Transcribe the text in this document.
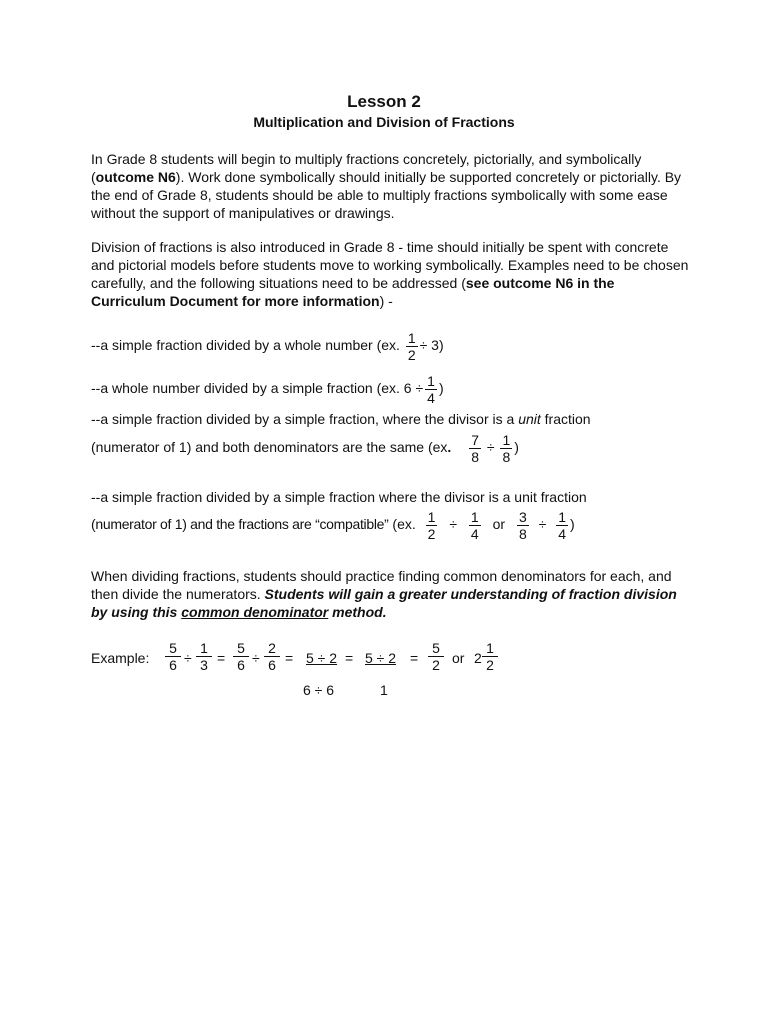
Lesson 2
Multiplication and Division of Fractions
In Grade 8 students will begin to multiply fractions concretely, pictorially, and symbolically (outcome N6). Work done symbolically should initially be supported concretely or pictorially. By the end of Grade 8, students should be able to multiply fractions symbolically with some ease without the support of manipulatives or drawings.
Division of fractions is also introduced in Grade 8 - time should initially be spent with concrete and pictorial models before students move to working symbolically. Examples need to be chosen carefully, and the following situations need to be addressed (see outcome N6 in the Curriculum Document for more information) -
--a simple fraction divided by a whole number (ex. $\frac{1}{2} \div 3$)
--a whole number divided by a simple fraction (ex. $6 \div \frac{1}{4}$ )
--a simple fraction divided by a simple fraction, where the divisor is a unit fraction
(numerator of 1) and both denominators are the same (ex. $\frac{7}{8} \div \frac{1}{8}$ )
--a simple fraction divided by a simple fraction where the divisor is a unit fraction
(numerator of 1) and the fractions are “compatible” (ex. $\frac{1}{2} \div \frac{1}{4}$ or $\frac{3}{8} \div \frac{1}{4}$ )
When dividing fractions, students should practice finding common denominators for each, and then divide the numerators. Students will gain a greater understanding of fraction division by using this common denominator method.
Example: $\frac{5}{6} \div \frac{1}{3} = \frac{5}{6} \div \frac{2}{6} = 5 \div 2$ =
6 ÷ 6
5 ÷ 2
1
= $\frac{5}{2}$ or $2 \frac{1}{2}$
